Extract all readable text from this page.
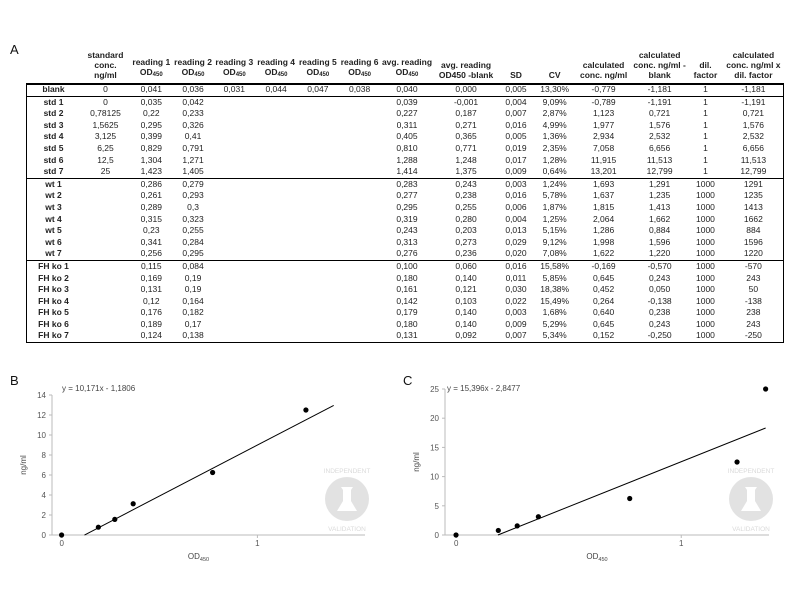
A
B	C
	standard conc. ng/ml	reading 1 $OD_{450}$	reading 2 $OD_{450}$	reading 3 $OD_{450}$	reading 4 $OD_{450}$	reading 5 $OD_{450}$	reading 6 $OD_{450}$	avg. reading $OD_{450}$	avg. reading OD450 -blank	SD	CV	calculated conc. ng/ml	calculated conc. ng/ml -blank	dil. factor	calculated conc. ng/ml x dil. factor
blank	0	0,041	0,036	0,031	0,044	0,047	0,038	0,040	0,000	0,005	13,30%	-0,779	-1,181	1	-1,181
std 1	0	0,035	0,042					0,039	-0,001	0,004	9,09%	-0,789	-1,191	1	-1,191
std 2	0,78125	0,22	0,233					0,227	0,187	0,007	2,87%	1,123	0,721	1	0,721
std 3	1,5625	0,295	0,326					0,311	0,271	0,016	4,99%	1,977	1,576	1	1,576
std 4	3,125	0,399	0,41					0,405	0,365	0,005	1,36%	2,934	2,532	1	2,532
std 5	6,25	0,829	0,791					0,810	0,771	0,019	2,35%	7,058	6,656	1	6,656
std 6	12,5	1,304	1,271					1,288	1,248	0,017	1,28%	11,915	11,513	1	11,513
std 7	25	1,423	1,405					1,414	1,375	0,009	0,64%	13,201	12,799	1	12,799
wt 1		0,286	0,279					0,283	0,243	0,003	1,24%	1,693	1,291	1000	1291
wt 2		0,261	0,293					0,277	0,238	0,016	5,78%	1,637	1,235	1000	1235
wt 3		0,289	0,3					0,295	0,255	0,006	1,87%	1,815	1,413	1000	1413
wt 4		0,315	0,323					0,319	0,280	0,004	1,25%	2,064	1,662	1000	1662
wt 5		0,23	0,255					0,243	0,203	0,013	5,15%	1,286	0,884	1000	884
wt 6		0,341	0,284					0,313	0,273	0,029	9,12%	1,998	1,596	1000	1596
wt 7		0,256	0,295					0,276	0,236	0,020	7,08%	1,622	1,220	1000	1220
FH ko 1		0,115	0,084					0,100	0,060	0,016	15,58%	-0,169	-0,570	1000	-570
FH ko 2		0,169	0,19					0,180	0,140	0,011	5,85%	0,645	0,243	1000	243
FH ko 3		0,131	0,19					0,161	0,121	0,030	18,38%	0,452	0,050	1000	50
FH ko 4		0,12	0,164					0,142	0,103	0,022	15,49%	0,264	-0,138	1000	-138
FH ko 5		0,176	0,182					0,179	0,140	0,003	1,68%	0,640	0,238	1000	238
FH ko 6		0,189	0,17					0,180	0,140	0,009	5,29%	0,645	0,243	1000	243
FH ko 7		0,124	0,138					0,131	0,092	0,007	5,34%	0,152	-0,250	1000	-250
0
2
4
6
8
10
12
14
0	1
$OD_{450}$
ng/ml	INDEPENDENT
VALIDATION
y = 10,171x - 1,1806
0
5
10
15
20
25
0	1
$OD_{450}$
ng/ml	INDEPENDENT
VALIDATION
y = 15,396x - 2,8477
